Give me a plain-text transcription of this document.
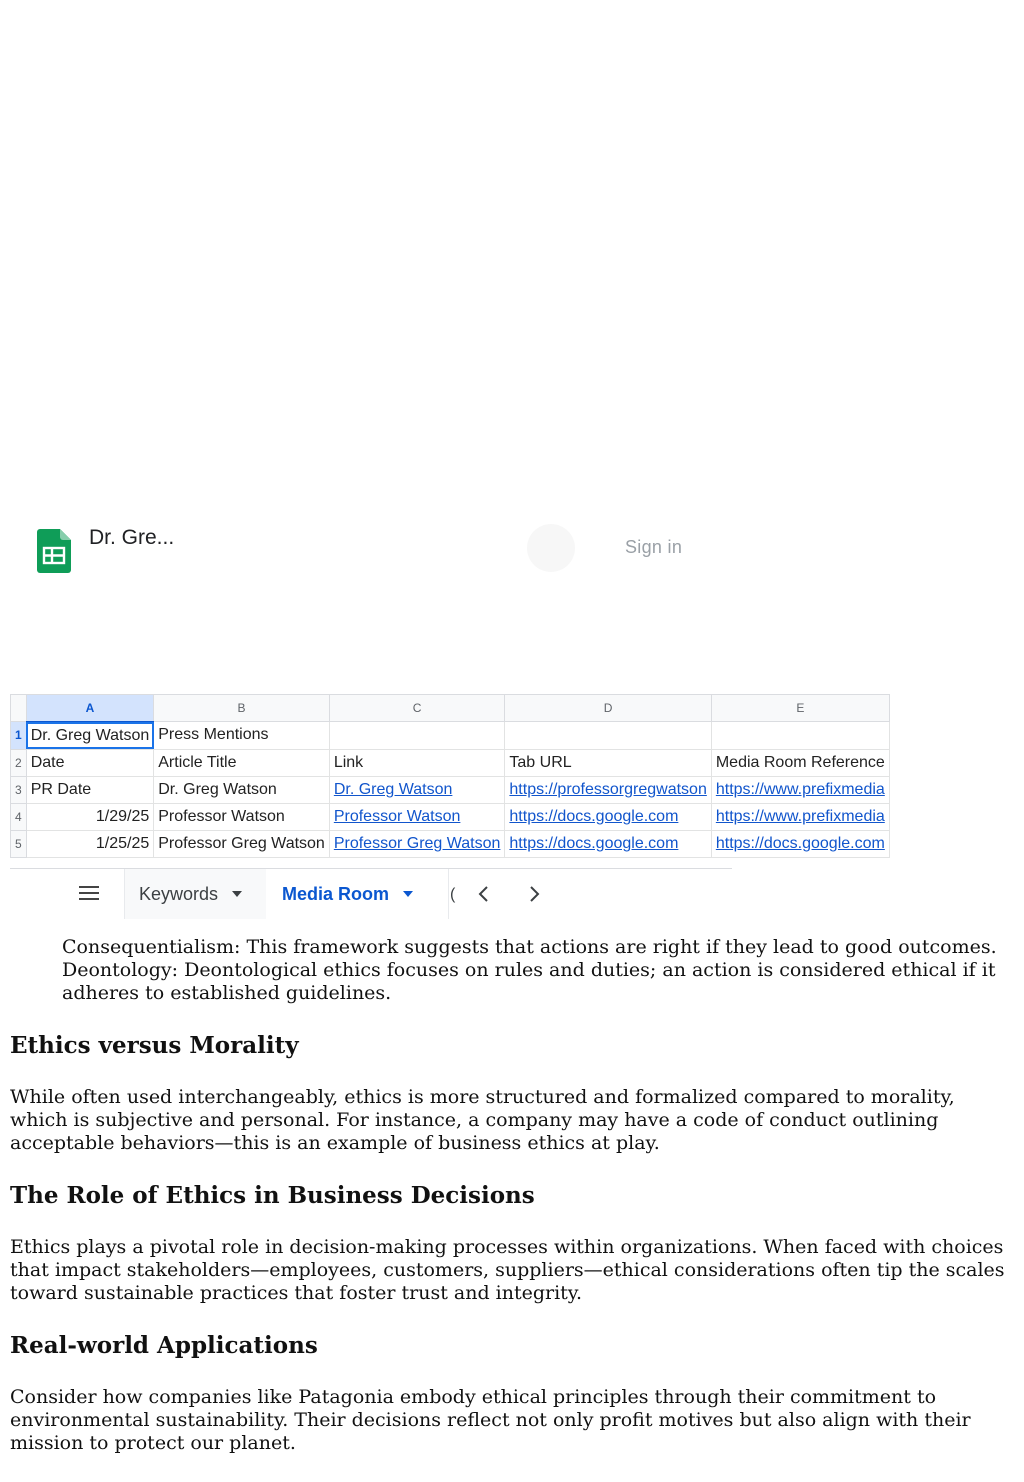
Dr. Gre...	Sign in
	A	B	C	D	E
1	Dr. Greg Watson	Press Mentions			
2	Date	Article Title	Link	Tab URL	Media Room Reference
3	PR Date	Dr. Greg Watson	Dr. Greg Watson	https://professorgregwatson	https://www.prefixmedia
4	1/29/25	Professor Watson	Professor Watson	https://docs.google.com	https://www.prefixmedia
5	1/25/25	Professor Greg Watson	Professor Greg Watson	https://docs.google.com	https://docs.google.com
Keywords	Media Room	(

Consequentialism: This framework suggests that actions are right if they lead to good outcomes. Deontology: Deontological ethics focuses on rules and duties; an action is considered ethical if it adheres to established guidelines.

Ethics versus Morality

While often used interchangeably, ethics is more structured and formalized compared to morality, which is subjective and personal. For instance, a company may have a code of conduct outlining acceptable behaviors—this is an example of business ethics at play.

The Role of Ethics in Business Decisions

Ethics plays a pivotal role in decision-making processes within organizations. When faced with choices that impact stakeholders—employees, customers, suppliers—ethical considerations often tip the scales toward sustainable practices that foster trust and integrity.

Real-world Applications

Consider how companies like Patagonia embody ethical principles through their commitment to environmental sustainability. Their decisions reflect not only profit motives but also align with their mission to protect our planet.
